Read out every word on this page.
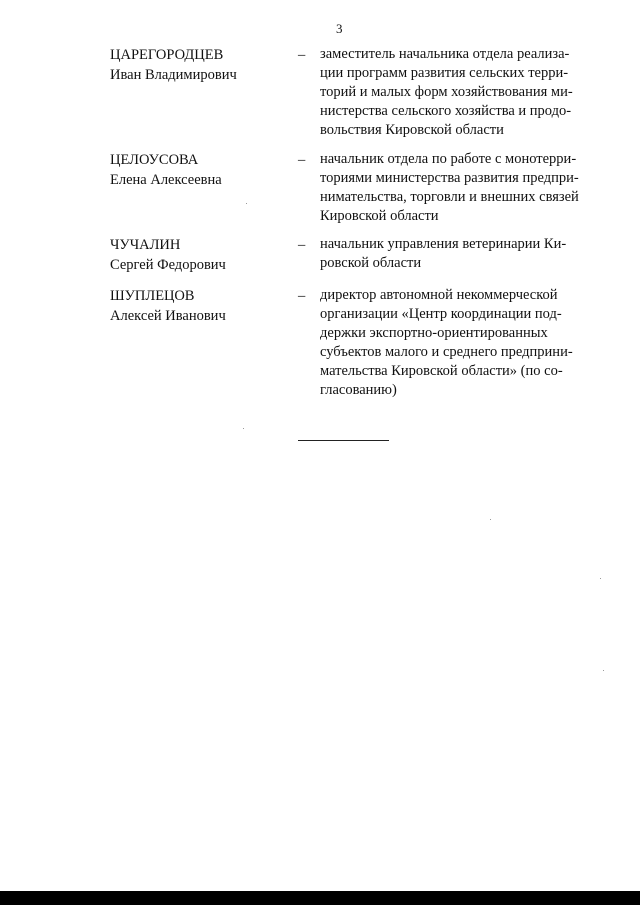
3
ЦАРЕГОРОДЦЕВ
Иван Владимирович
– заместитель начальника отдела реализа-
ции программ развития сельских терри-
торий и малых форм хозяйствования ми-
нистерства сельского хозяйства и продо-
вольствия Кировской области
ЦЕЛОУСОВА
Елена Алексеевна
– начальник отдела по работе с монотерри-
ториями министерства развития предпри-
нимательства, торговли и внешних связей
Кировской области
ЧУЧАЛИН
Сергей Федорович
– начальник управления ветеринарии Ки-
ровской области
ШУПЛЕЦОВ
Алексей Иванович
– директор автономной некоммерческой
организации «Центр координации под-
держки экспортно-ориентированных
субъектов малого и среднего предприни-
мательства Кировской области» (по со-
гласованию)
